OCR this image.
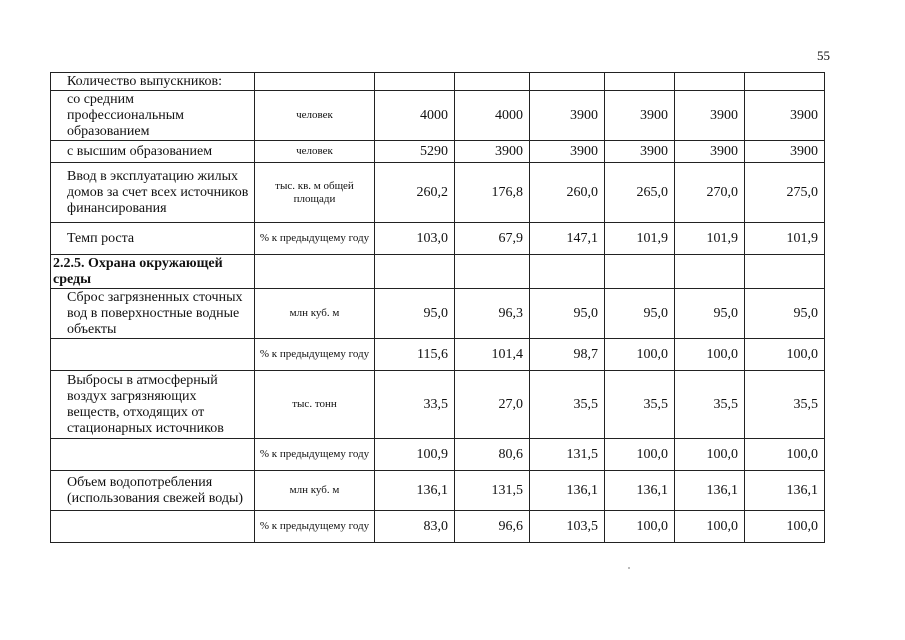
55
Количество выпускников:							
со средним профессиональным образованием	человек	4000	4000	3900	3900	3900	3900
с высшим образованием	человек	5290	3900	3900	3900	3900	3900
Ввод в эксплуатацию жилых домов за счет всех источников финансирования	тыс. кв. м общей площади	260,2	176,8	260,0	265,0	270,0	275,0
Темп роста	% к предыдущему году	103,0	67,9	147,1	101,9	101,9	101,9
2.2.5. Охрана окружающей среды							
Сброс загрязненных сточных вод в поверхностные водные объекты	млн куб. м	95,0	96,3	95,0	95,0	95,0	95,0
	% к предыдущему году	115,6	101,4	98,7	100,0	100,0	100,0
Выбросы в атмосферный воздух загрязняющих веществ, отходящих от стационарных источников	тыс. тонн	33,5	27,0	35,5	35,5	35,5	35,5
	% к предыдущему году	100,9	80,6	131,5	100,0	100,0	100,0
Объем водопотребления (использования свежей воды)	млн куб. м	136,1	131,5	136,1	136,1	136,1	136,1
	% к предыдущему году	83,0	96,6	103,5	100,0	100,0	100,0
